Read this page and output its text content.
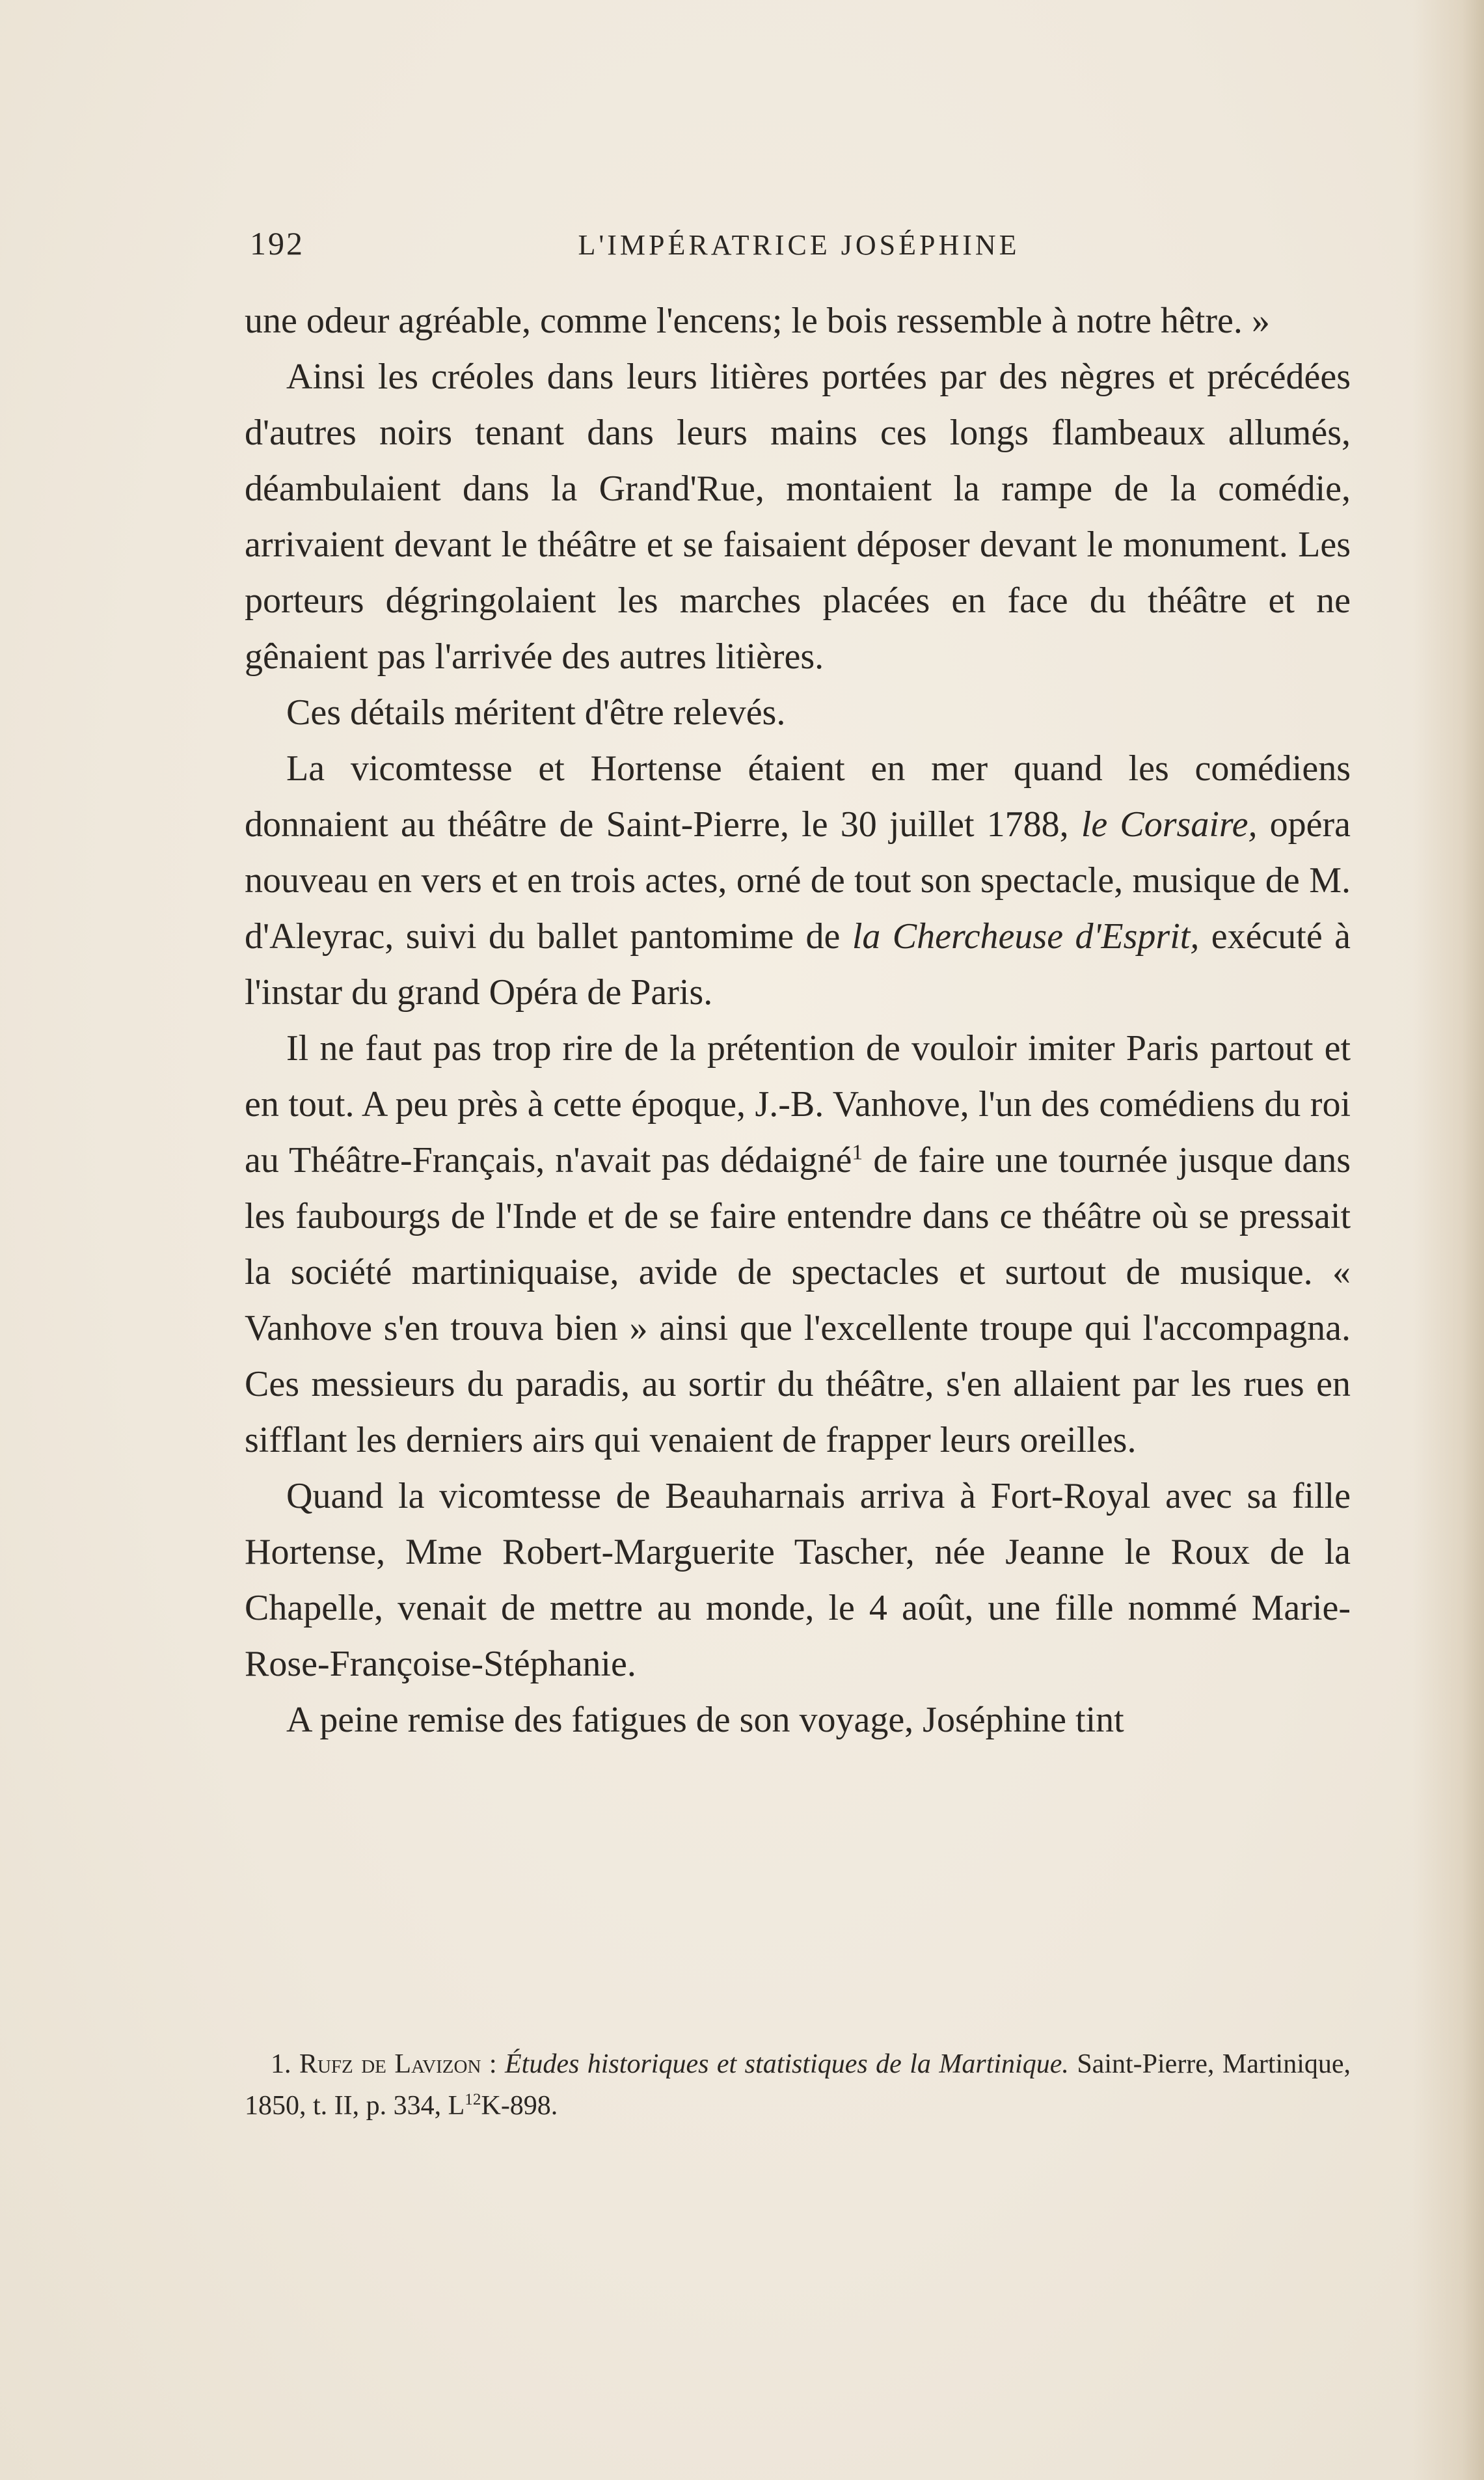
192	L'IMPÉRATRICE JOSÉPHINE

une odeur agréable, comme l'encens; le bois ressemble à notre hêtre. »

Ainsi les créoles dans leurs litières portées par des nègres et précédées d'autres noirs tenant dans leurs mains ces longs flambeaux allumés, déambulaient dans la Grand'Rue, montaient la rampe de la comédie, arrivaient devant le théâtre et se faisaient déposer devant le monument. Les porteurs dégringolaient les marches placées en face du théâtre et ne gênaient pas l'arrivée des autres litières.

Ces détails méritent d'être relevés.

La vicomtesse et Hortense étaient en mer quand les comédiens donnaient au théâtre de Saint-Pierre, le 30 juillet 1788, le Corsaire, opéra nouveau en vers et en trois actes, orné de tout son spectacle, musique de M. d'Aleyrac, suivi du ballet pantomime de la Chercheuse d'Esprit, exécuté à l'instar du grand Opéra de Paris.

Il ne faut pas trop rire de la prétention de vouloir imiter Paris partout et en tout. A peu près à cette époque, J.-B. Vanhove, l'un des comédiens du roi au Théâtre-Français, n'avait pas dédaigné$^1$ de faire une tournée jusque dans les faubourgs de l'Inde et de se faire entendre dans ce théâtre où se pressait la société martiniquaise, avide de spectacles et surtout de musique. « Vanhove s'en trouva bien » ainsi que l'excellente troupe qui l'accompagna. Ces messieurs du paradis, au sortir du théâtre, s'en allaient par les rues en sifflant les derniers airs qui venaient de frapper leurs oreilles.

Quand la vicomtesse de Beauharnais arriva à Fort-Royal avec sa fille Hortense, Mme Robert-Marguerite Tascher, née Jeanne le Roux de la Chapelle, venait de mettre au monde, le 4 août, une fille nommé Marie-Rose-Françoise-Stéphanie.

A peine remise des fatigues de son voyage, Joséphine tint

1. Rufz de Lavizon : Études historiques et statistiques de la Martinique. Saint-Pierre, Martinique, 1850, t. II, p. 334, $L^{12}K-898$.
